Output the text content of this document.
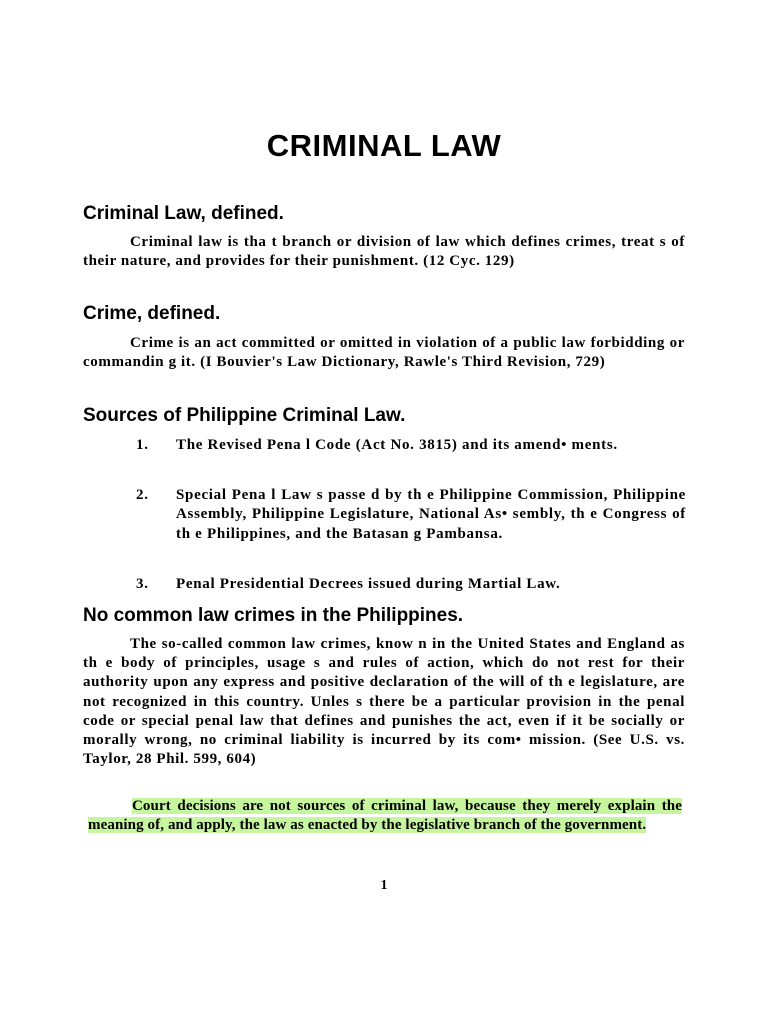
CRIMINAL LAW
Criminal Law, defined.
Criminal law is tha t branch or division of law which defines crimes, treat s of their nature, and provides for their punishment. (12 Cyc. 129)
Crime, defined.
Crime is an act committed or omitted in violation of a public law forbidding or commandin g it. (I Bouvier's Law Dictionary, Rawle's Third Revision, 729)
Sources of Philippine Criminal Law.
1. The Revised Pena l Code (Act No. 3815) and its amend• ments.
2. Special Pena l Law s passe d by th e Philippine Commission, Philippine Assembly, Philippine Legislature, National As• sembly, th e Congress of th e Philippines, and the Batasan g Pambansa.
3. Penal Presidential Decrees issued during Martial Law.
No common law crimes in the Philippines.
The so-called common law crimes, know n in the United States and England as th e body of principles, usage s and rules of action, which do not rest for their authority upon any express and positive declaration of the will of th e legislature, are not recognized in this country. Unles s there be a particular provision in the penal code or special penal law that defines and punishes the act, even if it be socially or morally wrong, no criminal liability is incurred by its com• mission. (See U.S. vs. Taylor, 28 Phil. 599, 604)
Court decisions are not sources of criminal law, because they merely explain the meaning of, and apply, the law as enacted by the legislative branch of the government.
1
